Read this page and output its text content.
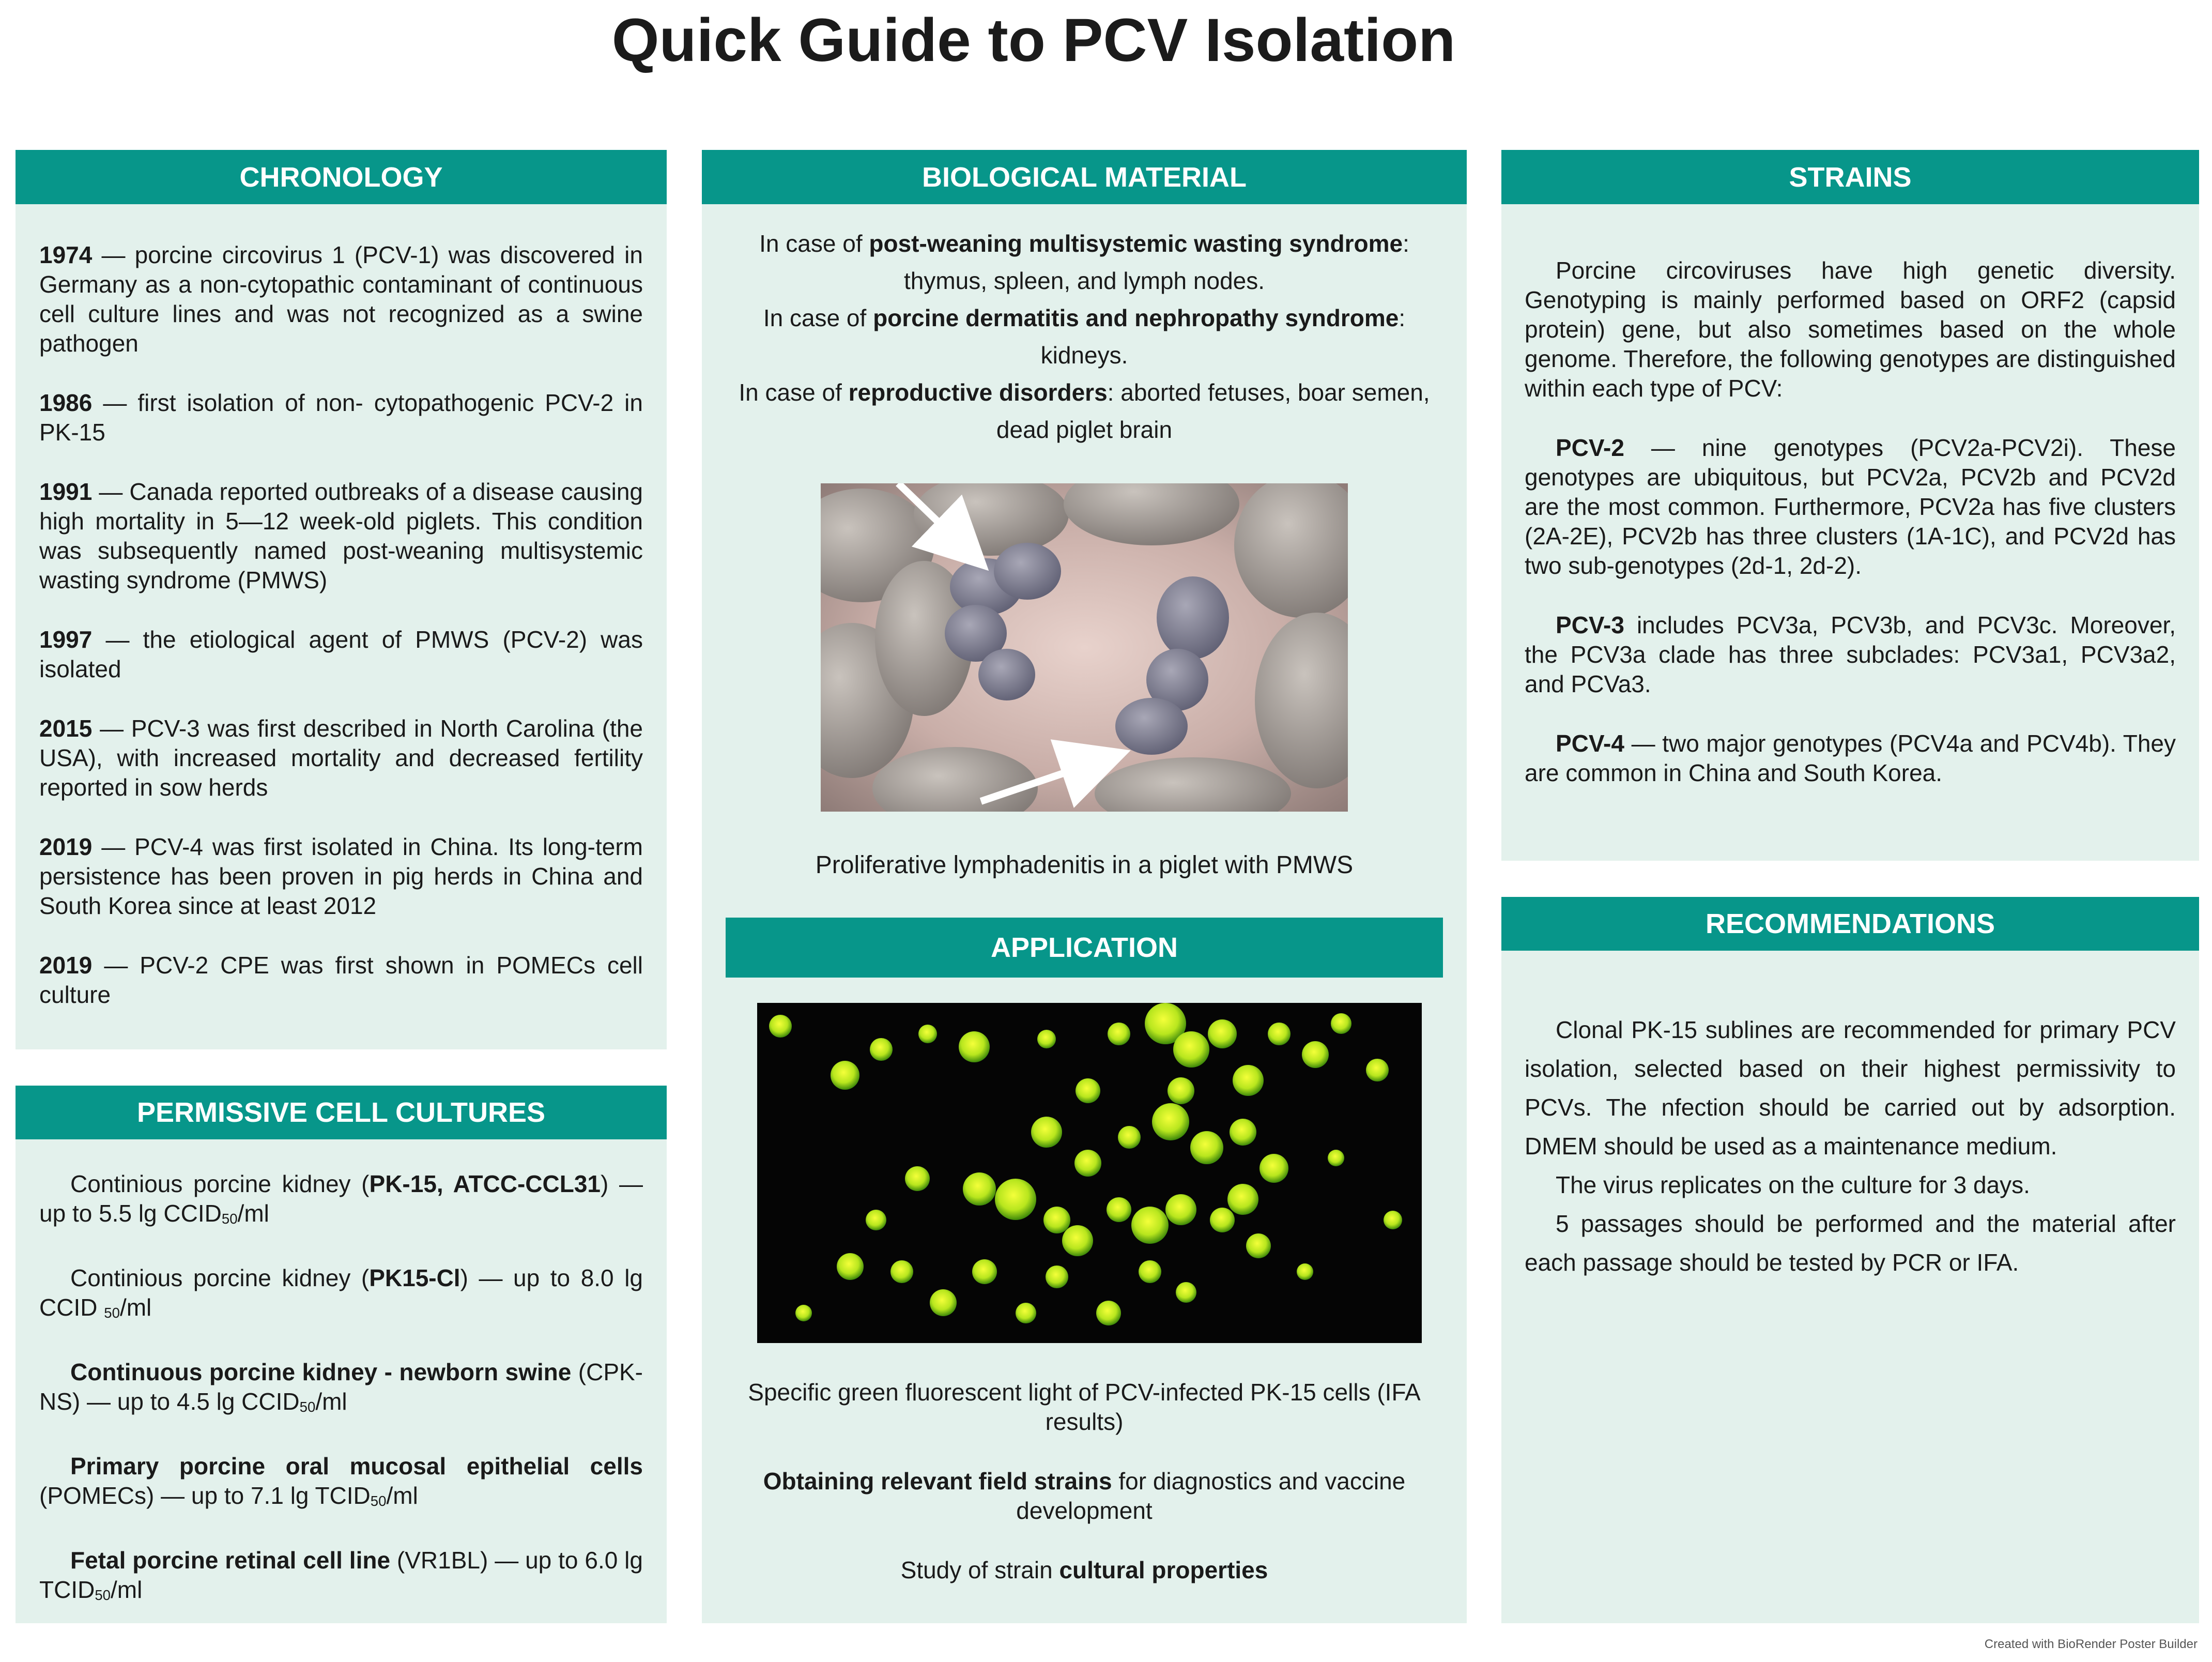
Quick Guide to PCV Isolation
CHRONOLOGY

1974 — porcine circovirus 1 (PCV-1) was discovered in Germany as a non-cytopathic contaminant of continuous cell culture lines and was not recognized as a swine pathogen

1986 — first isolation of non- cytopathogenic PCV-2 in PK-15

1991 — Canada reported outbreaks of a disease causing high mortality in 5—12 week-old piglets. This condition was subsequently named post-weaning multisystemic wasting syndrome (PMWS)

1997 — the etiological agent of PMWS (PCV-2) was isolated

2015 — PCV-3 was first described in North Carolina (the USA), with increased mortality and decreased fertility reported in sow herds

2019 — PCV-4 was first isolated in China. Its long-term persistence has been proven in pig herds in China and South Korea since at least 2012

2019 — PCV-2 CPE was first shown in POMECs cell culture

PERMISSIVE CELL CULTURES

Continious porcine kidney (PK-15, ATCC-CCL31) — up to 5.5 $\lg CCID_{50}/ml$

Continious porcine kidney (PK15-Cl) — up to 8.0 lg CCID $_{50}$/ml

Continuous porcine kidney - newborn swine (CPK-NS) — up to 4.5 $\lg CCID_{50}/ml$

Primary porcine oral mucosal epithelial cells (POMECs) — up to 7.1 $\lg TCID_{50}/ml$

Fetal porcine retinal cell line (VR1BL) — up to 6.0 $\lg TCID_{50}/ml$

BIOLOGICAL MATERIAL

In case of post-weaning multisystemic wasting syndrome:

thymus, spleen, and lymph nodes.

In case of porcine dermatitis and nephropathy syndrome:

kidneys.

In case of reproductive disorders: aborted fetuses, boar semen, dead piglet brain

Proliferative lymphadenitis in a piglet with PMWS
APPLICATION

Specific green fluorescent light of PCV-infected PK-15 cells (IFA results)

Obtaining relevant field strains for diagnostics and vaccine development

Study of strain cultural properties

STRAINS

Porcine circoviruses have high genetic diversity. Genotyping is mainly performed based on ORF2 (capsid protein) gene, but also sometimes based on the whole genome. Therefore, the following genotypes are distinguished within each type of PCV:

PCV-2 — nine genotypes (PCV2a-PCV2i). These genotypes are ubiquitous, but PCV2a, PCV2b and PCV2d are the most common. Furthermore, PCV2a has five clusters (2A-2E), PCV2b has three clusters (1A-1C), and PCV2d has two sub-genotypes (2d-1, 2d-2).

PCV-3 includes PCV3a, PCV3b, and PCV3c. Moreover, the PCV3a clade has three subclades: PCV3a1, PCV3a2, and PCVa3.

PCV-4 — two major genotypes (PCV4a and PCV4b). They are common in China and South Korea.

RECOMMENDATIONS

Clonal PK-15 sublines are recommended for primary PCV isolation, selected based on their highest permissivity to PCVs. The nfection should be carried out by adsorption. DMEM should be used as a maintenance medium.

The virus replicates on the culture for 3 days.

5 passages should be performed and the material after each passage should be tested by PCR or IFA.

Created with BioRender Poster Builder
